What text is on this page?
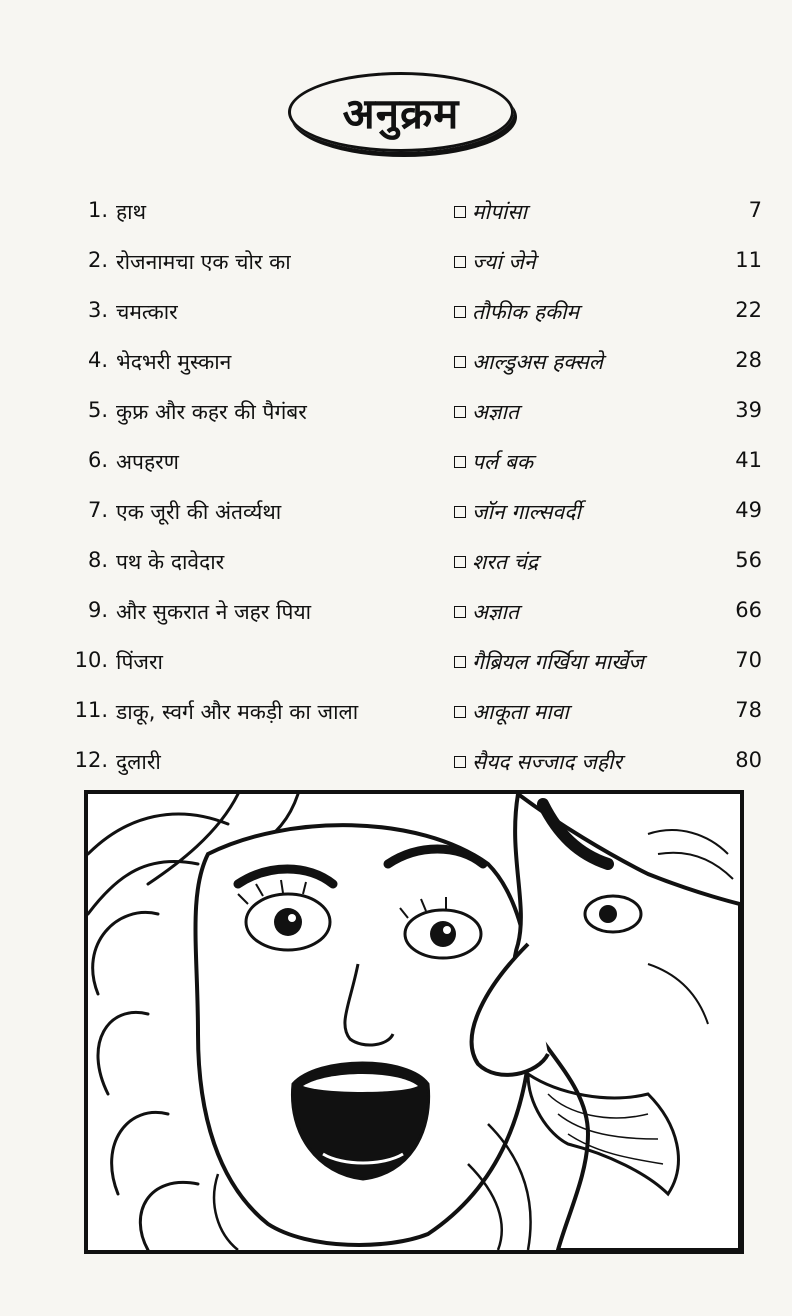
अनुक्रम
1. हाथ	मोपांसा	7
2. रोजनामचा एक चोर का	ज्यां जेने	11
3. चमत्कार	तौफीक हकीम	22
4. भेदभरी मुस्कान	आल्डुअस हक्सले	28
5. कुफ्र और कहर की पैगंबर	अज्ञात	39
6. अपहरण	पर्ल बक	41
7. एक जूरी की अंतर्व्यथा	जॉन गाल्सवर्दी	49
8. पथ के दावेदार	शरत चंद्र	56
9. और सुकरात ने जहर पिया	अज्ञात	66
10. पिंजरा	गैब्रियल गर्खिया मार्खेज	70
11. डाकू, स्वर्ग और मकड़ी का जाला	आकूता मावा	78
12. दुलारी	सैयद सज्जाद जहीर	80
